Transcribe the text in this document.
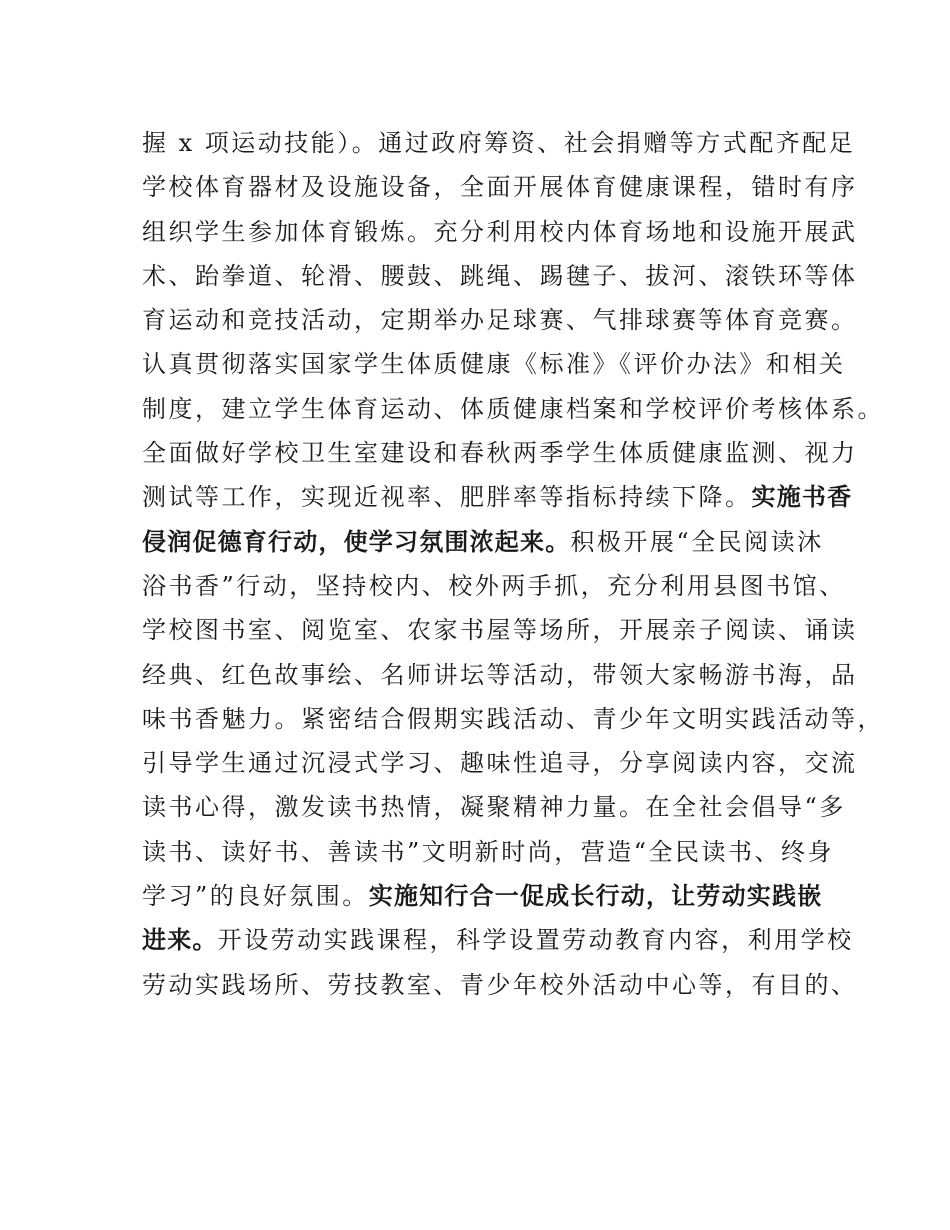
握 x 项运动技能）。通过政府筹资、社会捐赠等方式配齐配足
学校体育器材及设施设备，全面开展体育健康课程，错时有序
组织学生参加体育锻炼。充分利用校内体育场地和设施开展武
术、跆拳道、轮滑、腰鼓、跳绳、踢毽子、拔河、滚铁环等体
育运动和竞技活动，定期举办足球赛、气排球赛等体育竞赛。
认真贯彻落实国家学生体质健康《标准》《评价办法》和相关
制度，建立学生体育运动、体质健康档案和学校评价考核体系。
全面做好学校卫生室建设和春秋两季学生体质健康监测、视力
测试等工作，实现近视率、肥胖率等指标持续下降。实施书香
侵润促德育行动，使学习氛围浓起来。积极开展“全民阅读沐
浴书香”行动，坚持校内、校外两手抓，充分利用县图书馆、
学校图书室、阅览室、农家书屋等场所，开展亲子阅读、诵读
经典、红色故事绘、名师讲坛等活动，带领大家畅游书海，品
味书香魅力。紧密结合假期实践活动、青少年文明实践活动等，
引导学生通过沉浸式学习、趣味性追寻，分享阅读内容，交流
读书心得，激发读书热情，凝聚精神力量。在全社会倡导“多
读书、读好书、善读书”文明新时尚，营造“全民读书、终身
学习”的良好氛围。实施知行合一促成长行动，让劳动实践嵌
进来。开设劳动实践课程，科学设置劳动教育内容，利用学校
劳动实践场所、劳技教室、青少年校外活动中心等，有目的、
